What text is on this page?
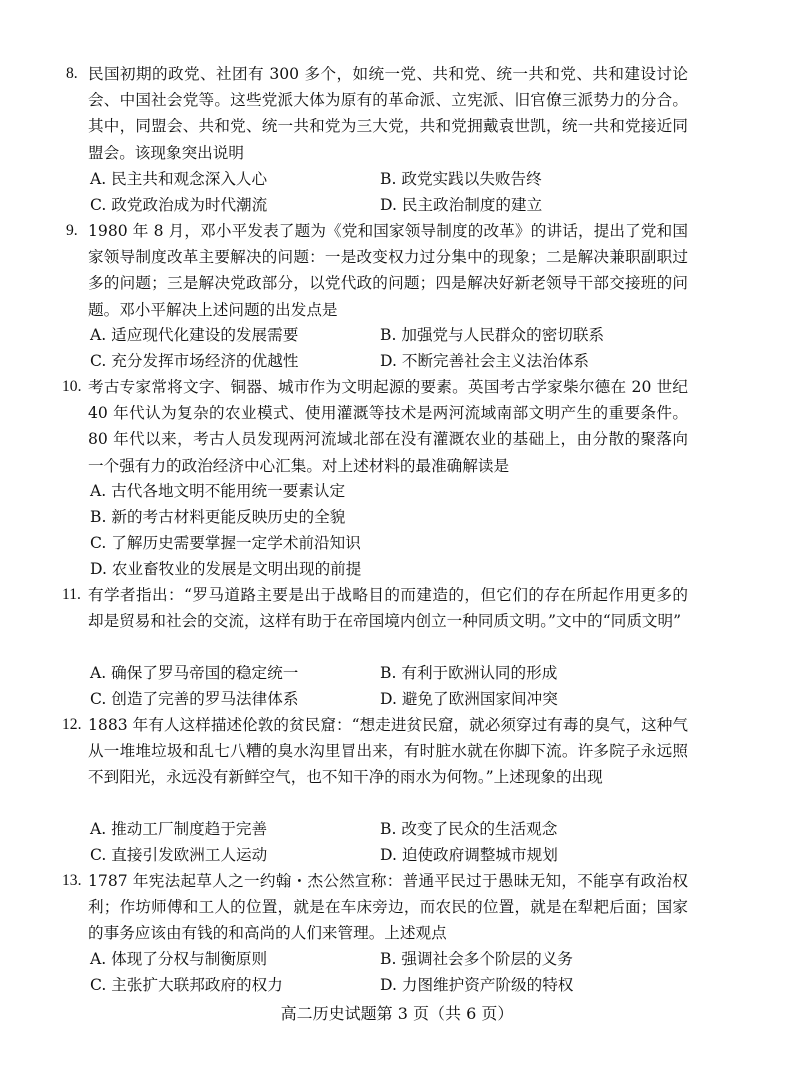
8. 民国初期的政党、社团有 300 多个，如统一党、共和党、统一共和党、共和建设讨论会、中国社会党等。这些党派大体为原有的革命派、立宪派、旧官僚三派势力的分合。其中，同盟会、共和党、统一共和党为三大党，共和党拥戴袁世凯，统一共和党接近同盟会。该现象突出说明
A. 民主共和观念深入人心	B. 政党实践以失败告终
C. 政党政治成为时代潮流	D. 民主政治制度的建立
9. 1980 年 8 月，邓小平发表了题为《党和国家领导制度的改革》的讲话，提出了党和国家领导制度改革主要解决的问题：一是改变权力过分集中的现象；二是解决兼职副职过多的问题；三是解决党政部分，以党代政的问题；四是解决好新老领导干部交接班的问题。邓小平解决上述问题的出发点是
A. 适应现代化建设的发展需要	B. 加强党与人民群众的密切联系
C. 充分发挥市场经济的优越性	D. 不断完善社会主义法治体系
10. 考古专家常将文字、铜器、城市作为文明起源的要素。英国考古学家柴尔德在 20 世纪 40 年代认为复杂的农业模式、使用灌溉等技术是两河流域南部文明产生的重要条件。80 年代以来，考古人员发现两河流域北部在没有灌溉农业的基础上，由分散的聚落向一个强有力的政治经济中心汇集。对上述材料的最准确解读是
A. 古代各地文明不能用统一要素认定
B. 新的考古材料更能反映历史的全貌
C. 了解历史需要掌握一定学术前沿知识
D. 农业畜牧业的发展是文明出现的前提
11. 有学者指出：“罗马道路主要是出于战略目的而建造的，但它们的存在所起作用更多的却是贸易和社会的交流，这样有助于在帝国境内创立一种同质文明。”文中的“同质文明”
A. 确保了罗马帝国的稳定统一	B. 有利于欧洲认同的形成
C. 创造了完善的罗马法律体系	D. 避免了欧洲国家间冲突
12. 1883 年有人这样描述伦敦的贫民窟：“想走进贫民窟，就必须穿过有毒的臭气，这种气从一堆堆垃圾和乱七八糟的臭水沟里冒出来，有时脏水就在你脚下流。许多院子永远照不到阳光，永远没有新鲜空气，也不知干净的雨水为何物。”上述现象的出现
A. 推动工厂制度趋于完善	B. 改变了民众的生活观念
C. 直接引发欧洲工人运动	D. 迫使政府调整城市规划
13. 1787 年宪法起草人之一约翰・杰公然宣称：普通平民过于愚昧无知，不能享有政治权利；作坊师傅和工人的位置，就是在车床旁边，而农民的位置，就是在犁耙后面；国家的事务应该由有钱的和高尚的人们来管理。上述观点
A. 体现了分权与制衡原则	B. 强调社会多个阶层的义务
C. 主张扩大联邦政府的权力	D. 力图维护资产阶级的特权
高二历史试题第 3 页（共 6 页）
